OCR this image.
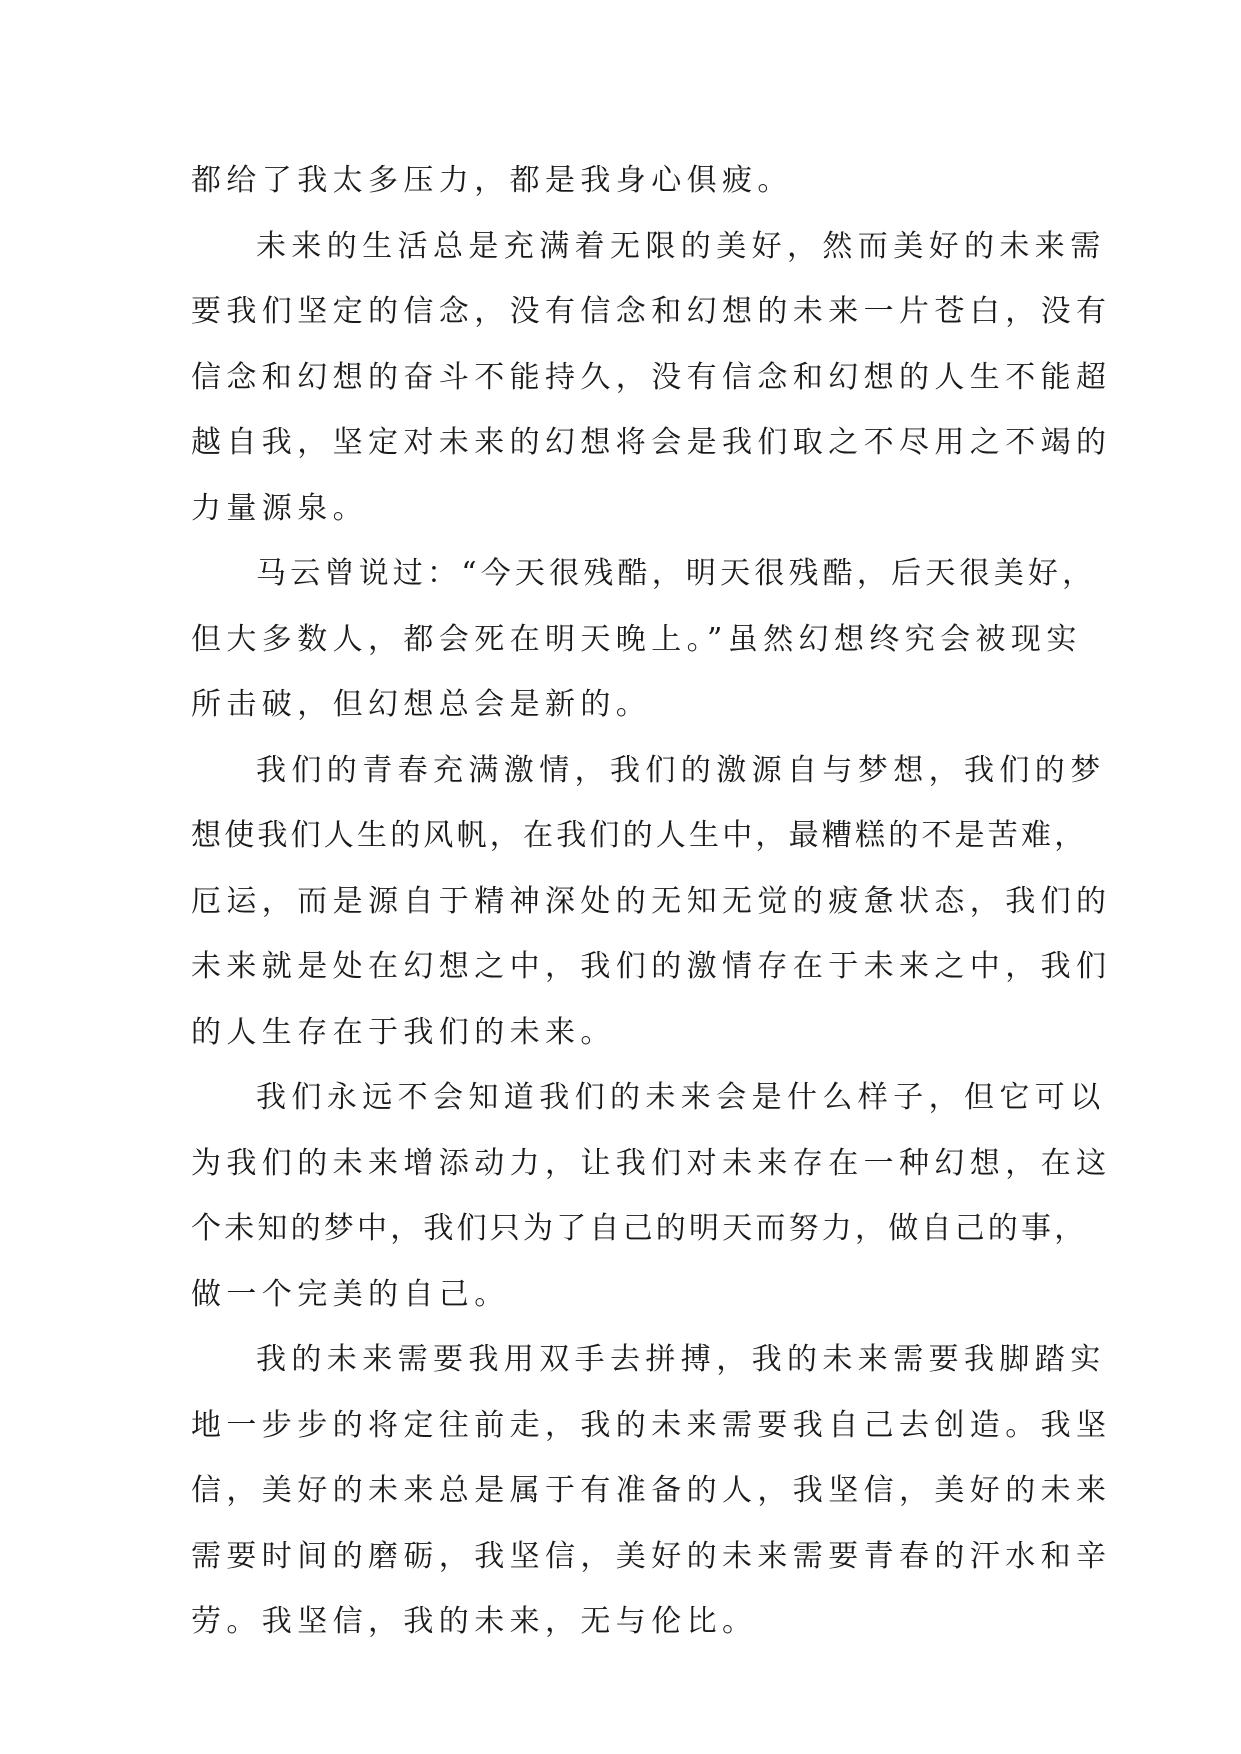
都给了我太多压力，都是我身心俱疲。
未来的生活总是充满着无限的美好，然而美好的未来需
要我们坚定的信念，没有信念和幻想的未来一片苍白，没有
信念和幻想的奋斗不能持久，没有信念和幻想的人生不能超
越自我，坚定对未来的幻想将会是我们取之不尽用之不竭的
力量源泉。
马云曾说过：“今天很残酷，明天很残酷，后天很美好，
但大多数人，都会死在明天晚上。”虽然幻想终究会被现实
所击破，但幻想总会是新的。
我们的青春充满激情，我们的激源自与梦想，我们的梦
想使我们人生的风帆，在我们的人生中，最糟糕的不是苦难，
厄运，而是源自于精神深处的无知无觉的疲惫状态，我们的
未来就是处在幻想之中，我们的激情存在于未来之中，我们
的人生存在于我们的未来。
我们永远不会知道我们的未来会是什么样子，但它可以
为我们的未来增添动力，让我们对未来存在一种幻想，在这
个未知的梦中，我们只为了自己的明天而努力，做自己的事，
做一个完美的自己。
我的未来需要我用双手去拼搏，我的未来需要我脚踏实
地一步步的将定往前走，我的未来需要我自己去创造。我坚
信，美好的未来总是属于有准备的人，我坚信，美好的未来
需要时间的磨砺，我坚信，美好的未来需要青春的汗水和辛
劳。我坚信，我的未来，无与伦比。
